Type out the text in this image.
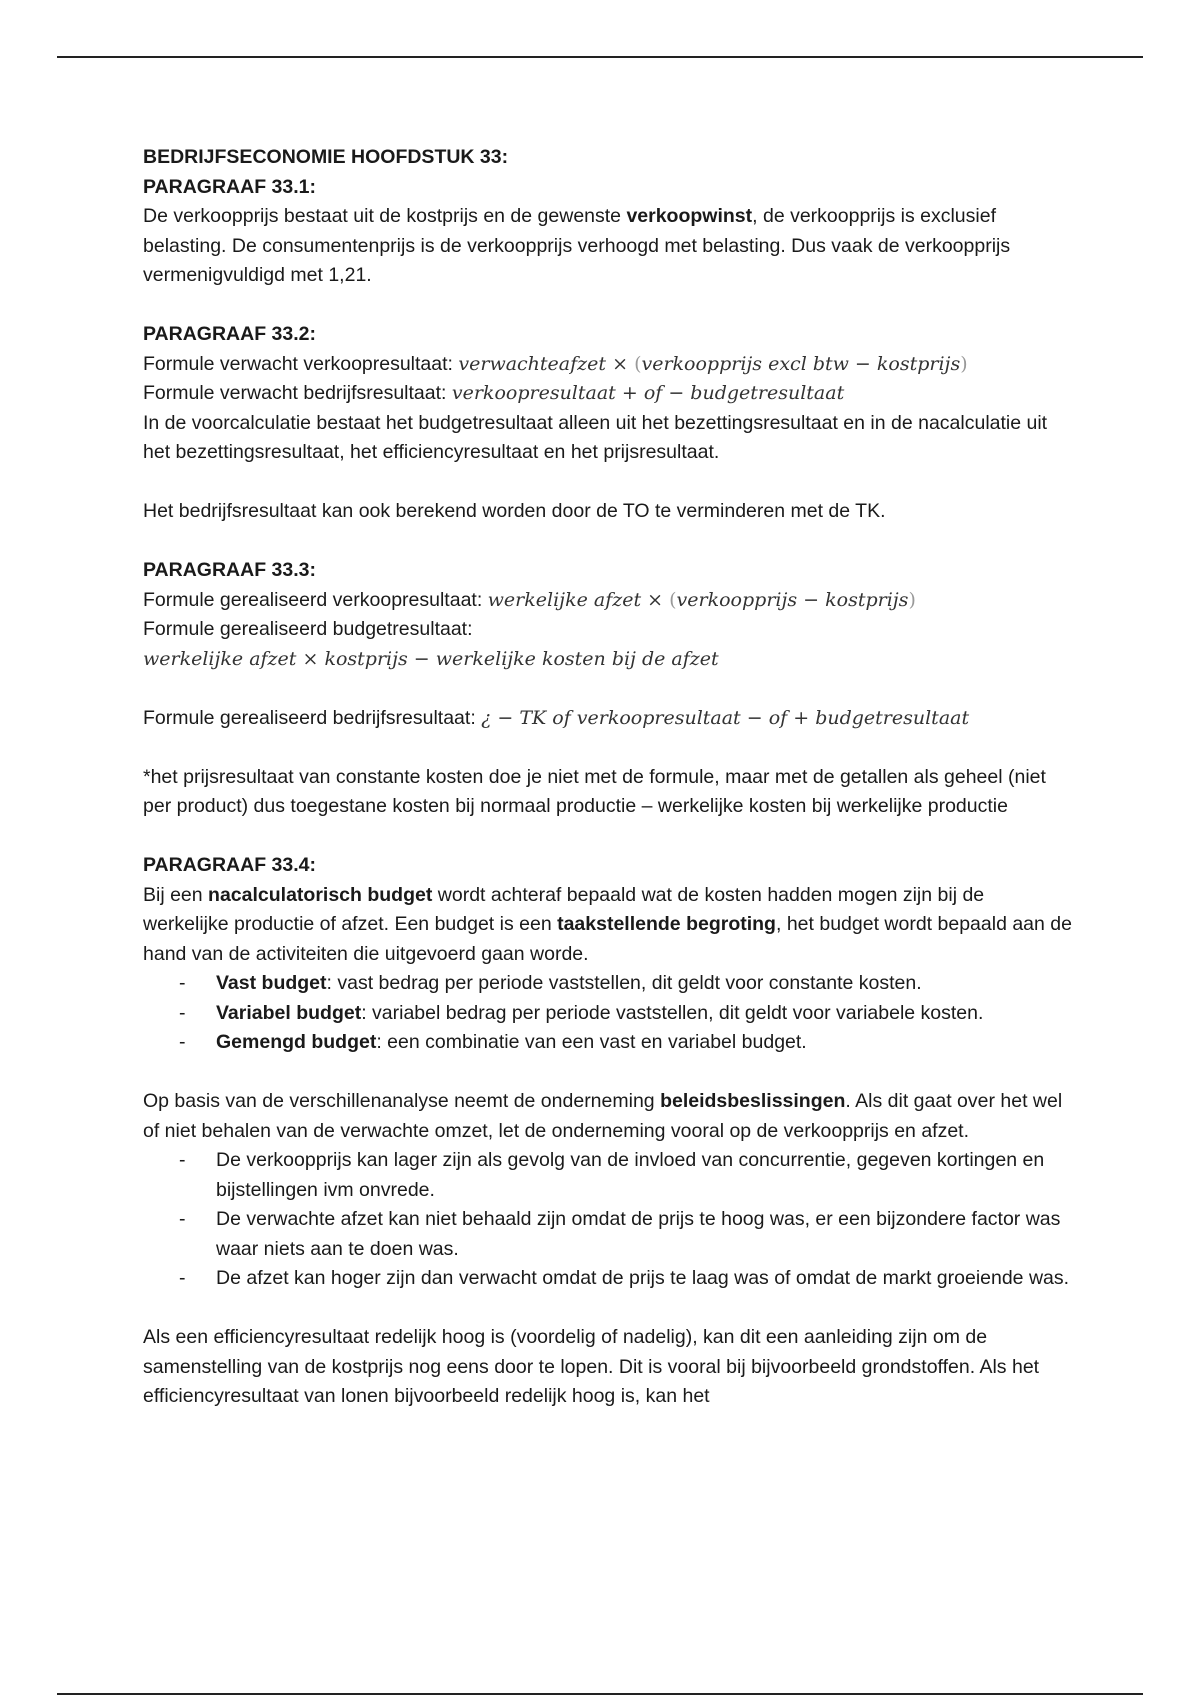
BEDRIJFSECONOMIE HOOFDSTUK 33:

PARAGRAAF 33.1:

De verkoopprijs bestaat uit de kostprijs en de gewenste verkoopwinst, de verkoopprijs is exclusief belasting. De consumentenprijs is de verkoopprijs verhoogd met belasting. Dus vaak de verkoopprijs vermenigvuldigd met 1,21.

PARAGRAAF 33.2:

Formule verwacht verkoopresultaat: verwachteafzet × (verkoopprijs excl btw − kostprijs)

Formule verwacht bedrijfsresultaat: verkoopresultaat + of − budgetresultaat

In de voorcalculatie bestaat het budgetresultaat alleen uit het bezettingsresultaat en in de nacalculatie uit het bezettingsresultaat, het efficiencyresultaat en het prijsresultaat.

Het bedrijfsresultaat kan ook berekend worden door de TO te verminderen met de TK.

PARAGRAAF 33.3:

Formule gerealiseerd verkoopresultaat: werkelijke afzet × (verkoopprijs − kostprijs)

Formule gerealiseerd budgetresultaat:

werkelijke afzet × kostprijs − werkelijke kosten bij de afzet

Formule gerealiseerd bedrijfsresultaat: ¿ − TK of verkoopresultaat − of + budgetresultaat

*het prijsresultaat van constante kosten doe je niet met de formule, maar met de getallen als geheel (niet per product) dus toegestane kosten bij normaal productie – werkelijke kosten bij werkelijke productie

PARAGRAAF 33.4:

Bij een nacalculatorisch budget wordt achteraf bepaald wat de kosten hadden mogen zijn bij de werkelijke productie of afzet. Een budget is een taakstellende begroting, het budget wordt bepaald aan de hand van de activiteiten die uitgevoerd gaan worde.

- Vast budget: vast bedrag per periode vaststellen, dit geldt voor constante kosten.
- Variabel budget: variabel bedrag per periode vaststellen, dit geldt voor variabele kosten.
- Gemengd budget: een combinatie van een vast en variabel budget.

Op basis van de verschillenanalyse neemt de onderneming beleidsbeslissingen. Als dit gaat over het wel of niet behalen van de verwachte omzet, let de onderneming vooral op de verkoopprijs en afzet.

- De verkoopprijs kan lager zijn als gevolg van de invloed van concurrentie, gegeven kortingen en bijstellingen ivm onvrede.
- De verwachte afzet kan niet behaald zijn omdat de prijs te hoog was, er een bijzondere factor was waar niets aan te doen was.
- De afzet kan hoger zijn dan verwacht omdat de prijs te laag was of omdat de markt groeiende was.

Als een efficiencyresultaat redelijk hoog is (voordelig of nadelig), kan dit een aanleiding zijn om de samenstelling van de kostprijs nog eens door te lopen. Dit is vooral bij bijvoorbeeld grondstoffen. Als het efficiencyresultaat van lonen bijvoorbeeld redelijk hoog is, kan het
